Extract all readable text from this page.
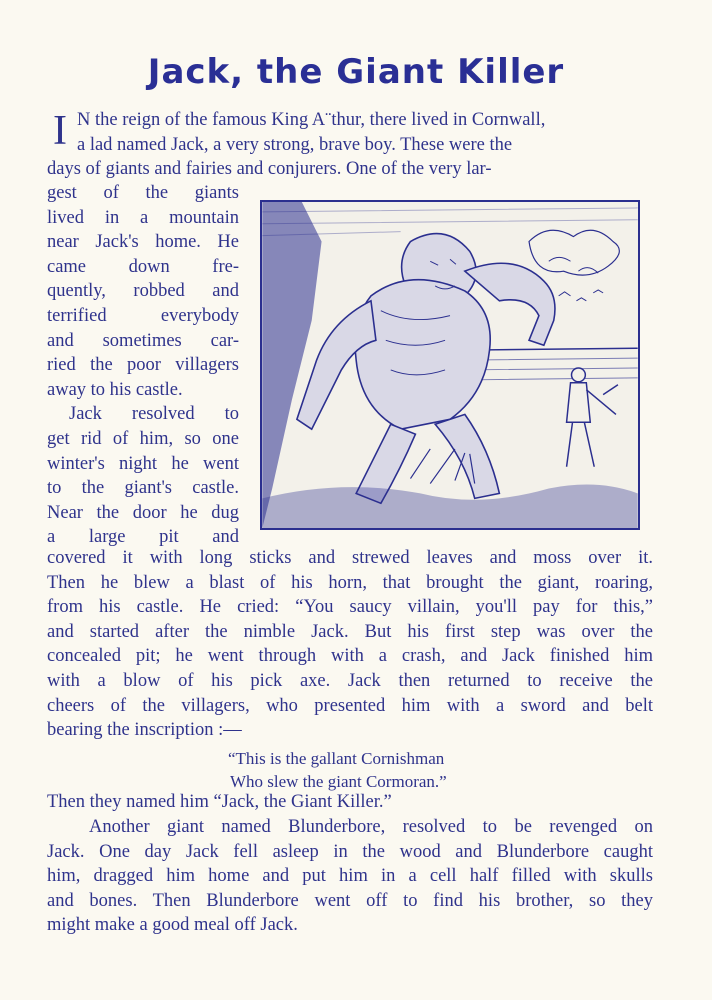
Jack, the Giant Killer
I N the reign of the famous King A¨thur, there lived in Cornwall,
a lad named Jack, a very strong, brave boy. These were the
days of giants and fairies and conjurers. One of the very lar-
gest of the giants
lived in a mountain
near Jack's home. He
came down fre-
quently, robbed and
terrified everybody
and sometimes car-
ried the poor villagers
away to his castle.
Jack resolved to
get rid of him, so one
winter's night he went
to the giant's castle.
Near the door he dug
a large pit and
covered it with long sticks and strewed leaves and moss over it.
Then he blew a blast of his horn, that brought the giant, roaring,
from his castle. He cried: “You saucy villain, you'll pay for this,”
and started after the nimble Jack. But his first step was over the
concealed pit; he went through with a crash, and Jack finished him
with a blow of his pick axe. Jack then returned to receive the
cheers of the villagers, who presented him with a sword and belt
bearing the inscription :—
“This is the gallant Cornishman
Who slew the giant Cormoran.”
Then they named him “Jack, the Giant Killer.”
Another giant named Blunderbore, resolved to be revenged on
Jack. One day Jack fell asleep in the wood and Blunderbore caught
him, dragged him home and put him in a cell half filled with skulls
and bones. Then Blunderbore went off to find his brother, so they
might make a good meal off Jack.
